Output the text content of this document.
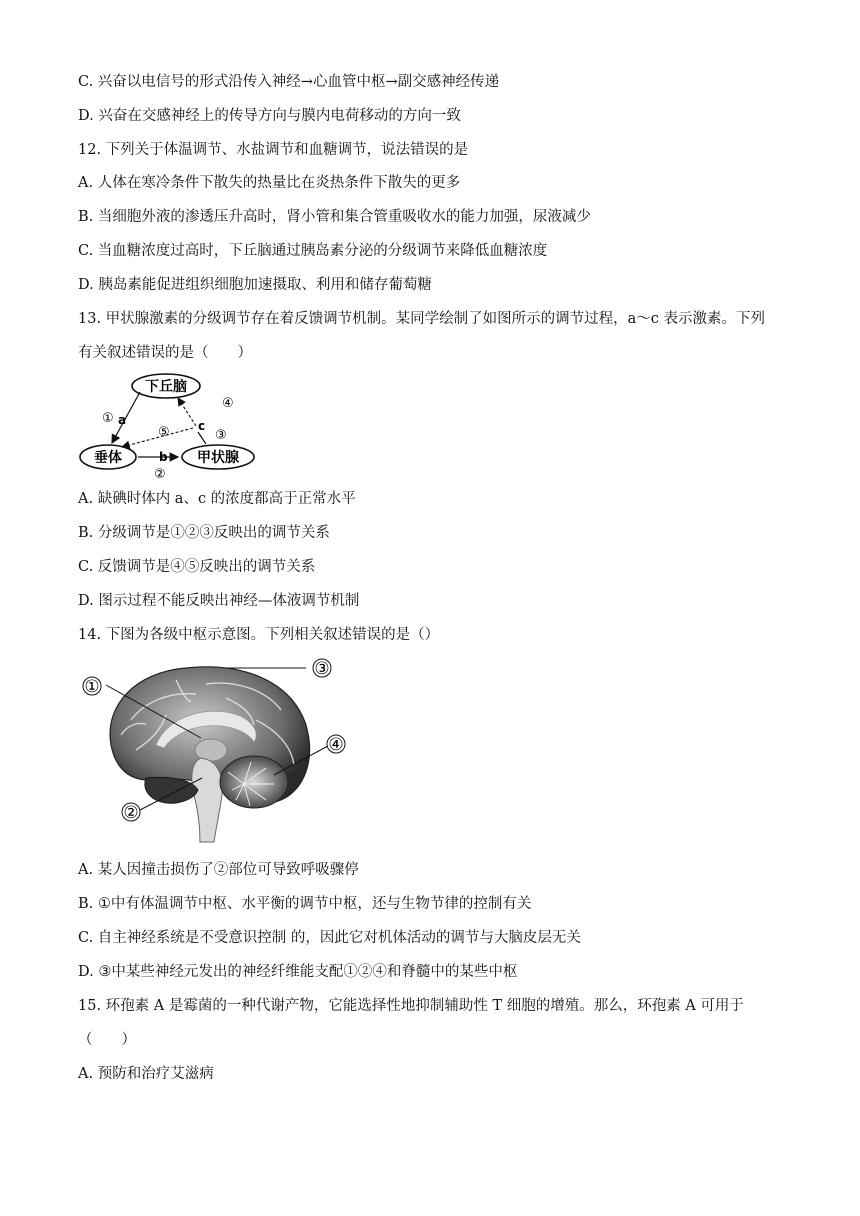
C. 兴奋以电信号的形式沿传入神经→心血管中枢→副交感神经传递
D. 兴奋在交感神经上的传导方向与膜内电荷移动的方向一致
12. 下列关于体温调节、水盐调节和血糖调节，说法错误的是
A. 人体在寒冷条件下散失的热量比在炎热条件下散失的更多
B. 当细胞外液的渗透压升高时，肾小管和集合管重吸收水的能力加强，尿液减少
C. 当血糖浓度过高时，下丘脑通过胰岛素分泌的分级调节来降低血糖浓度
D. 胰岛素能促进组织细胞加速摄取、利用和储存葡萄糖
13. 甲状腺激素的分级调节存在着反馈调节机制。某同学绘制了如图所示的调节过程，a～c 表示激素。下列
有关叙述错误的是（　　）
下丘脑
垂体	甲状腺
① a
④
c
⑤	③
b
②
A. 缺碘时体内 a、c 的浓度都高于正常水平
B. 分级调节是①②③反映出的调节关系
C. 反馈调节是④⑤反映出的调节关系
D. 图示过程不能反映出神经—体液调节机制
14. 下图为各级中枢示意图。下列相关叙述错误的是（）
①
②
③
④
A. 某人因撞击损伤了②部位可导致呼吸骤停
B. ①中有体温调节中枢、水平衡的调节中枢，还与生物节律的控制有关
C. 自主神经系统是不受意识控制 的，因此它对机体活动的调节与大脑皮层无关
D. ③中某些神经元发出的神经纤维能支配①②④和脊髓中的某些中枢
15. 环孢素 A 是霉菌的一种代谢产物，它能选择性地抑制辅助性 T 细胞的增殖。那么，环孢素 A 可用于
（　　）
A. 预防和治疗艾滋病
